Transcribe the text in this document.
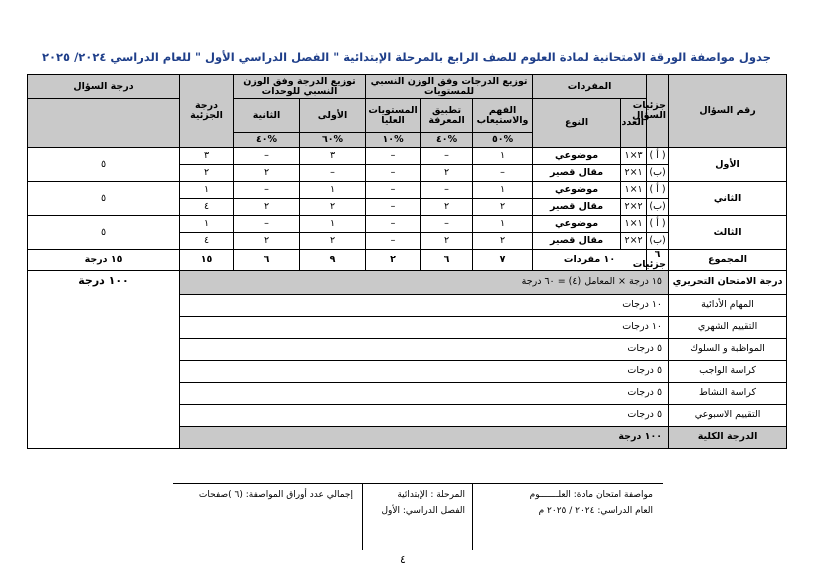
جدول مواصفة الورقة الامتحانية لمادة العلوم للصف الرابع بالمرحلة الإبتدائية " الفصل الدراسي الأول " للعام الدراسي ٢٠٢٤/ ٢٠٢٥
رقم السؤال	جزئيات السؤال	المفردات		توزيع الدرجات وفق الوزن النسبي للمستويات			توزيع الدرجة وفق الوزن النسبي للوحدات		درجة الجزئية	درجة السؤال
		العدد	النوع	الفهم والاستيعاب	تطبيق المعرفة	المستويات العليا	الأولى	الثانية		
				%٥٠	%٤٠	%١٠	%٦٠	%٤٠		
الأول	( أ )	٣×١	موضوعي	١	–	–	٣	–	٣	٥
	(ب)	١×٢	مقال قصير	–	٢	–	–	٢	٢	
الثاني	( أ )	١×١	موضوعي	١	–	–	١	–	١	٥
	(ب)	٢×٢	مقال قصير	٢	٢	–	٢	٢	٤	
الثالث	( أ )	١×١	موضوعي	١	–	–	١	–	١	٥
	(ب)	٢×٢	مقال قصير	٢	٢	–	٢	٢	٤	
المجموع	٦ جزئيات	١٠ مفردات		٧	٦	٢	٩	٦	١٥	١٥ درجة
درجة الامتحان التحريري	١٥ درجة × المعامل (٤) = ٦٠ درجة									١٠٠ درجة
المهام الأدائية	١٠ درجات									
التقييم الشهري	١٠ درجات									
المواظبة و السلوك	٥ درجات									
كراسة الواجب	٥ درجات									
كراسة النشاط	٥ درجات									
التقييم الاسبوعي	٥ درجات									
الدرجة الكلية	١٠٠ درجة									
مواصفة امتحان مادة: العلـــــــوم
العام الدراسي: ٢٠٢٤ / ٢٠٢٥ م
المرحلة : الإبتدائية
الفصل الدراسي: الأول
إجمالي عدد أوراق المواصفة: (٦ )صفحات
٤
